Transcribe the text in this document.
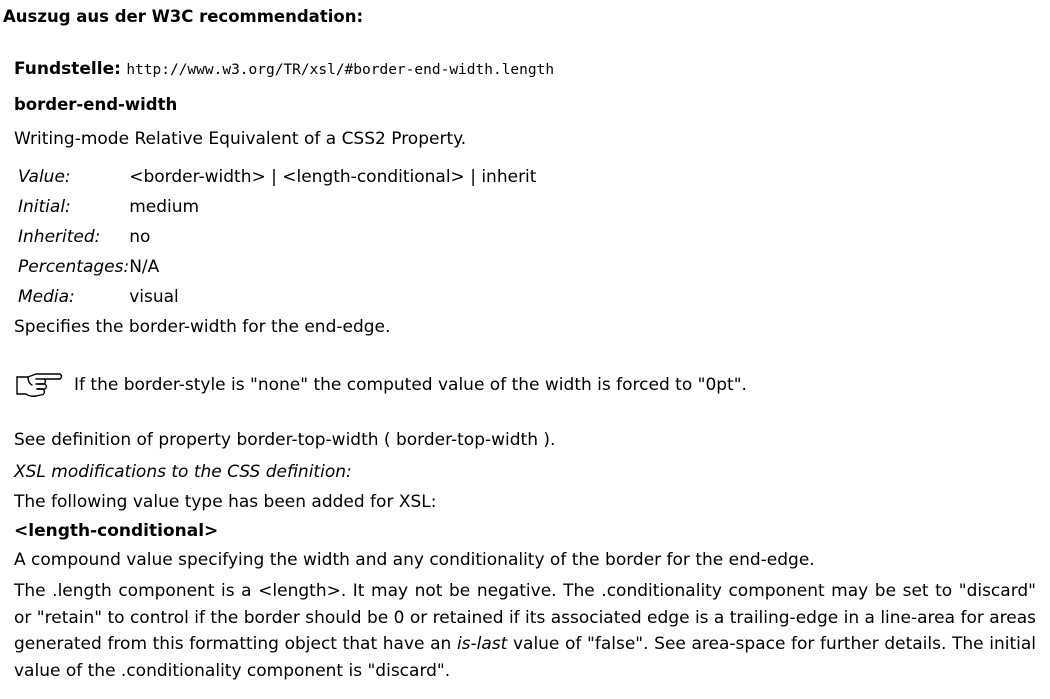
Auszug aus der W3C recommendation:
Fundstelle: http://www.w3.org/TR/xsl/#border-end-width.length
border-end-width
Writing-mode Relative Equivalent of a CSS2 Property.
Value:	<border-width> | <length-conditional> | inherit
Initial:	medium
Inherited:	no
Percentages:	N/A
Media:	visual
Specifies the border-width for the end-edge.
If the border-style is "none" the computed value of the width is forced to "0pt".
See definition of property border-top-width ( border-top-width ).
XSL modifications to the CSS definition:
The following value type has been added for XSL:
<length-conditional>
A compound value specifying the width and any conditionality of the border for the end-edge.
The .length component is a <length>. It may not be negative. The .conditionality component may be set to "discard" or "retain" to control if the border should be 0 or retained if its associated edge is a trailing-edge in a line-area for areas generated from this formatting object that have an is-last value of "false". See area-space for further details. The initial value of the .conditionality component is "discard".
